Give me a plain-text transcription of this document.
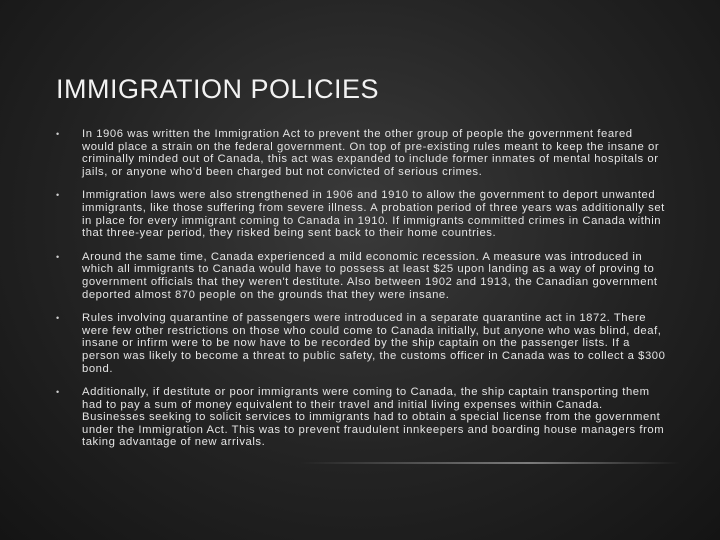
IMMIGRATION POLICIES
• In 1906 was written the Immigration Act to prevent the other group of people the government feared would place a strain on the federal government. On top of pre-existing rules meant to keep the insane or criminally minded out of Canada, this act was expanded to include former inmates of mental hospitals or jails, or anyone who'd been charged but not convicted of serious crimes.
• Immigration laws were also strengthened in 1906 and 1910 to allow the government to deport unwanted immigrants, like those suffering from severe illness. A probation period of three years was additionally set in place for every immigrant coming to Canada in 1910. If immigrants committed crimes in Canada within that three-year period, they risked being sent back to their home countries.
• Around the same time, Canada experienced a mild economic recession. A measure was introduced in which all immigrants to Canada would have to possess at least $25 upon landing as a way of proving to government officials that they weren't destitute. Also between 1902 and 1913, the Canadian government deported almost 870 people on the grounds that they were insane.
• Rules involving quarantine of passengers were introduced in a separate quarantine act in 1872. There were few other restrictions on those who could come to Canada initially, but anyone who was blind, deaf, insane or infirm were to be now have to be recorded by the ship captain on the passenger lists. If a person was likely to become a threat to public safety, the customs officer in Canada was to collect a $300 bond.
• Additionally, if destitute or poor immigrants were coming to Canada, the ship captain transporting them had to pay a sum of money equivalent to their travel and initial living expenses within Canada. Businesses seeking to solicit services to immigrants had to obtain a special license from the government under the Immigration Act. This was to prevent fraudulent innkeepers and boarding house managers from taking advantage of new arrivals.
